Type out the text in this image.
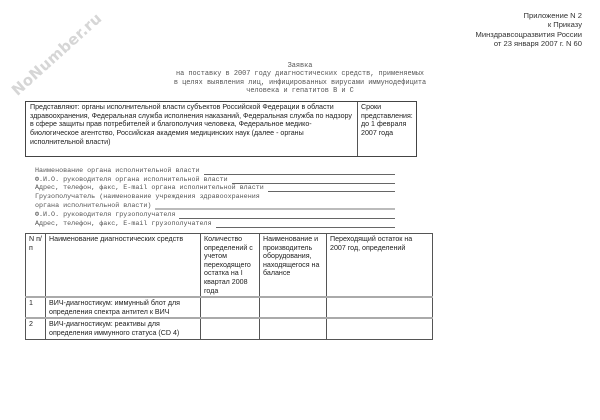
NoNumber.ru	Приложение N 2
к Приказу
Минздравсоцразвития России
от 23 января 2007 г. N 60
Заявка
на поставку в 2007 году диагностических средств, применяемых
в целях выявления лиц, инфицированных вирусами иммунодефицита
человека и гепатитов B и C
Представляют: органы исполнительной власти субъектов Российской Федерации в области здравоохранения, Федеральная служба исполнения наказаний, Федеральная служба по надзору в сфере защиты прав потребителей и благополучия человека, Федеральное медико-биологическое агентство, Российская академия медицинских наук (далее - органы исполнительной власти)
Сроки
представления:
до 1 февраля
2007 года
Наименование органа исполнительной власти
Ф.И.О. руководителя органа исполнительной власти
Адрес, телефон, факс, E-mail органа исполнительной власти
Грузополучатель (наименование учреждения здравоохранения
органа исполнительной власти)
Ф.И.О. руководителя грузополучателя
Адрес, телефон, факс, E-mail грузополучателя
N п/п	Наименование диагностических средств	Количество определений с учетом переходящего остатка на I квартал 2008 года	Наименование и производитель оборудования, находящегося на балансе	Переходящий остаток на 2007 год, определений
1	ВИЧ-диагностикум: иммунный блот для определения спектра антител к ВИЧ			
2	ВИЧ-диагностикум: реактивы для определения иммунного статуса (CD 4)			
